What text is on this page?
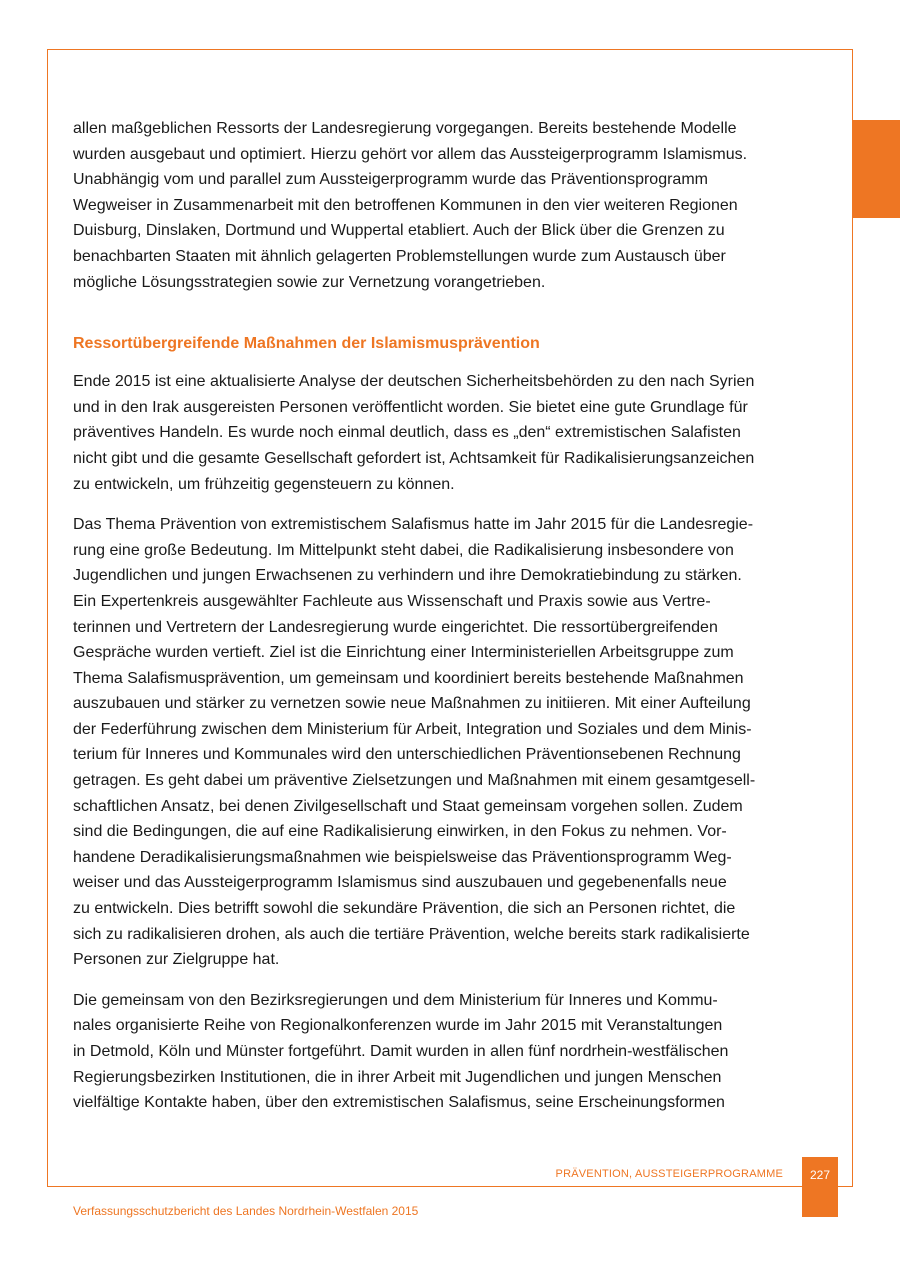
allen maßgeblichen Ressorts der Landesregierung vorgegangen. Bereits bestehende Modelle
wurden ausgebaut und optimiert. Hierzu gehört vor allem das Aussteigerprogramm Islamismus.
Unabhängig vom und parallel zum Aussteigerprogramm wurde das Präventionsprogramm
Wegweiser in Zusammenarbeit mit den betroffenen Kommunen in den vier weiteren Regionen
Duisburg, Dinslaken, Dortmund und Wuppertal etabliert. Auch der Blick über die Grenzen zu
benachbarten Staaten mit ähnlich gelagerten Problemstellungen wurde zum Austausch über
mögliche Lösungsstrategien sowie zur Vernetzung vorangetrieben.

Ressortübergreifende Maßnahmen der Islamismusprävention

Ende 2015 ist eine aktualisierte Analyse der deutschen Sicherheitsbehörden zu den nach Syrien
und in den Irak ausgereisten Personen veröffentlicht worden. Sie bietet eine gute Grundlage für
präventives Handeln. Es wurde noch einmal deutlich, dass es „den“ extremistischen Salafisten
nicht gibt und die gesamte Gesellschaft gefordert ist, Achtsamkeit für Radikalisierungsanzeichen
zu entwickeln, um frühzeitig gegensteuern zu können.

Das Thema Prävention von extremistischem Salafismus hatte im Jahr 2015 für die Landesregie-
rung eine große Bedeutung. Im Mittelpunkt steht dabei, die Radikalisierung insbesondere von
Jugendlichen und jungen Erwachsenen zu verhindern und ihre Demokratiebindung zu stärken.
Ein Expertenkreis ausgewählter Fachleute aus Wissenschaft und Praxis sowie aus Vertre-
terinnen und Vertretern der Landesregierung wurde eingerichtet. Die ressortübergreifenden
Gespräche wurden vertieft. Ziel ist die Einrichtung einer Interministeriellen Arbeitsgruppe zum
Thema Salafismusprävention, um gemeinsam und koordiniert bereits bestehende Maßnahmen
auszubauen und stärker zu vernetzen sowie neue Maßnahmen zu initiieren. Mit einer Aufteilung
der Federführung zwischen dem Ministerium für Arbeit, Integration und Soziales und dem Minis-
terium für Inneres und Kommunales wird den unterschiedlichen Präventionsebenen Rechnung
getragen. Es geht dabei um präventive Zielsetzungen und Maßnahmen mit einem gesamtgesell-
schaftlichen Ansatz, bei denen Zivilgesellschaft und Staat gemeinsam vorgehen sollen. Zudem
sind die Bedingungen, die auf eine Radikalisierung einwirken, in den Fokus zu nehmen. Vor-
handene Deradikalisierungsmaßnahmen wie beispielsweise das Präventionsprogramm Weg-
weiser und das Aussteigerprogramm Islamismus sind auszubauen und gegebenenfalls neue
zu entwickeln. Dies betrifft sowohl die sekundäre Prävention, die sich an Personen richtet, die
sich zu radikalisieren drohen, als auch die tertiäre Prävention, welche bereits stark radikalisierte
Personen zur Zielgruppe hat.

Die gemeinsam von den Bezirksregierungen und dem Ministerium für Inneres und Kommu-
nales organisierte Reihe von Regionalkonferenzen wurde im Jahr 2015 mit Veranstaltungen
in Detmold, Köln und Münster fortgeführt. Damit wurden in allen fünf nordrhein-westfälischen
Regierungsbezirken Institutionen, die in ihrer Arbeit mit Jugendlichen und jungen Menschen
vielfältige Kontakte haben, über den extremistischen Salafismus, seine Erscheinungsformen

PRÄVENTION, AUSSTEIGERPROGRAMME	227
Verfassungsschutzbericht des Landes Nordrhein-Westfalen 2015
